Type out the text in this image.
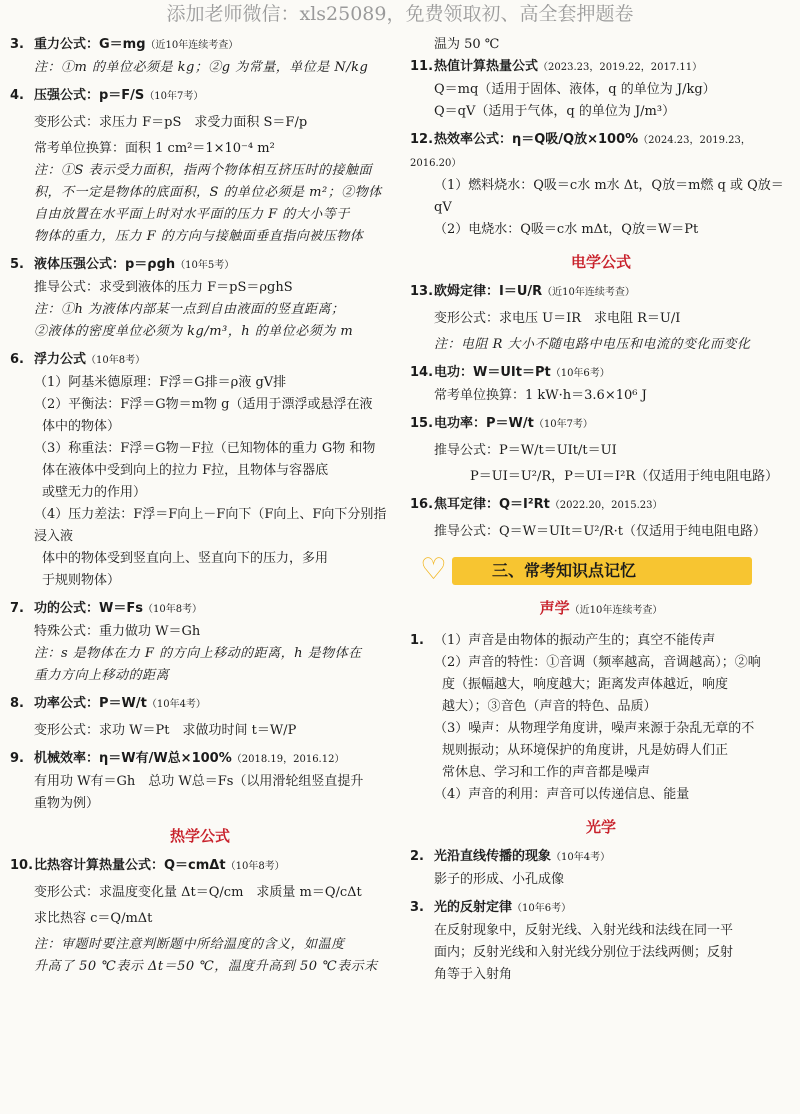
添加老师微信：xls25089，免费领取初、高全套押题卷
3. 重力公式：G＝mg（近10年连续考查）
注：①m 的单位必须是 kg；②g 为常量，单位是 N/kg
4. 压强公式：p＝F/S（10年7考）
变形公式：求压力 F＝pS　求受力面积 S＝F/p
常考单位换算：面积 1 cm²＝1×10⁻⁴ m²
注：①S 表示受力面积，指两个物体相互挤压时的接触面
积，不一定是物体的底面积，S 的单位必须是 m²；②物体
自由放置在水平面上时对水平面的压力 F 的大小等于
物体的重力，压力 F 的方向与接触面垂直指向被压物体
5. 液体压强公式：p＝ρgh（10年5考）
推导公式：求受到液体的压力 F＝pS＝ρghS
注：①h 为液体内部某一点到自由液面的竖直距离；
②液体的密度单位必须为 kg/m³，h 的单位必须为 m
6. 浮力公式（10年8考）
（1）阿基米德原理：F浮＝G排＝ρ液 gV排
（2）平衡法：F浮＝G物＝m物 g（适用于漂浮或悬浮在液
体中的物体）
（3）称重法：F浮＝G物－F拉（已知物体的重力 G物 和物
体在液体中受到向上的拉力 F拉，且物体与容器底
或壁无力的作用）
（4）压力差法：F浮＝F向上－F向下（F向上、F向下分别指浸入液
体中的物体受到竖直向上、竖直向下的压力，多用
于规则物体）
7. 功的公式：W＝Fs（10年8考）
特殊公式：重力做功 W＝Gh
注：s 是物体在力 F 的方向上移动的距离，h 是物体在
重力方向上移动的距离
8. 功率公式：P＝W/t（10年4考）
变形公式：求功 W＝Pt　求做功时间 t＝W/P
9. 机械效率：η＝W有/W总×100%（2018.19，2016.12）
有用功 W有＝Gh　总功 W总＝Fs（以用滑轮组竖直提升
重物为例）
热学公式
10.比热容计算热量公式：Q＝cmΔt（10年8考）
变形公式：求温度变化量 Δt＝Q/cm　求质量 m＝Q/cΔt
求比热容 c＝Q/mΔt
注：审题时要注意判断题中所给温度的含义，如温度
升高了 50 ℃表示 Δt＝50 ℃，温度升高到 50 ℃表示末
温为 50 ℃
11.热值计算热量公式（2023.23，2019.22，2017.11）
Q＝mq（适用于固体、液体，q 的单位为 J/kg）
Q＝qV（适用于气体，q 的单位为 J/m³）
12.热效率公式：η＝Q吸/Q放×100%（2024.23，2019.23，2016.20）
（1）燃料烧水：Q吸＝c水 m水 Δt，Q放＝m燃 q 或 Q放＝qV
（2）电烧水：Q吸＝c水 mΔt，Q放＝W＝Pt
电学公式
13.欧姆定律：I＝U/R（近10年连续考查）
变形公式：求电压 U＝IR　求电阻 R＝U/I
注：电阻 R 大小不随电路中电压和电流的变化而变化
14.电功：W＝UIt＝Pt（10年6考）
常考单位换算：1 kW·h＝3.6×10⁶ J
15.电功率：P＝W/t（10年7考）
推导公式：P＝W/t＝UIt/t＝UI
P＝UI＝U²/R，P＝UI＝I²R（仅适用于纯电阻电路）
16.焦耳定律：Q＝I²Rt（2022.20，2015.23）
推导公式：Q＝W＝UIt＝U²/R·t（仅适用于纯电阻电路）
三、常考知识点记忆
♡
声学（近10年连续考查）
1. （1）声音是由物体的振动产生的；真空不能传声
（2）声音的特性：①音调（频率越高，音调越高）；②响
度（振幅越大，响度越大；距离发声体越近，响度
越大）；③音色（声音的特色、品质）
（3）噪声：从物理学角度讲，噪声来源于杂乱无章的不
规则振动；从环境保护的角度讲，凡是妨碍人们正
常休息、学习和工作的声音都是噪声
（4）声音的利用：声音可以传递信息、能量
光学
2. 光沿直线传播的现象（10年4考）
影子的形成、小孔成像
3. 光的反射定律（10年6考）
在反射现象中，反射光线、入射光线和法线在同一平
面内；反射光线和入射光线分别位于法线两侧；反射
角等于入射角
